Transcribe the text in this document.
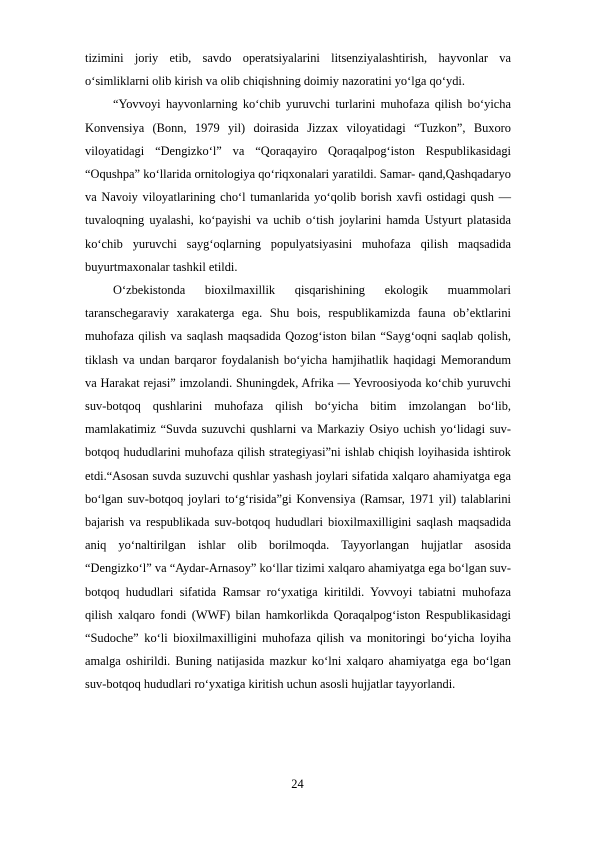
tizimini joriy etib, savdo operatsiyalarini litsenziyalashtirish, hayvonlar va o‘simliklarni olib kirish va olib chiqishning doimiy nazoratini yo‘lga qo‘ydi.

“Yovvoyi hayvonlarning ko‘chib yuruvchi turlarini muhofaza qilish bo‘yicha Konvensiya (Bonn, 1979 yil) doirasida Jizzax viloyatidagi “Tuzkon”, Buxoro viloyatidagi “Dengizko‘l” va “Qoraqayiro Qoraqalpog‘iston Respublikasidagi “Oqushpa” ko‘llarida ornitologiya qo‘riqxonalari yaratildi. Samar- qand,Qashqadaryo va Navoiy viloyatlarining cho‘l tumanlarida yo‘qolib borish xavfi ostidagi qush — tuvaloqning uyalashi, ko‘payishi va uchib o‘tish joylarini hamda Ustyurt platasida ko‘chib yuruvchi sayg‘oqlarning populyatsiyasini muhofaza qilish maqsadida buyurtmaxonalar tashkil etildi.

O‘zbekistonda bioxilmaxillik qisqarishining ekologik muammolari taranschegaraviy xarakaterga ega. Shu bois, respublikamizda fauna ob’ektlarini muhofaza qilish va saqlash maqsadida Qozog‘iston bilan “Sayg‘oqni saqlab qolish, tiklash va undan barqaror foydalanish bo‘yicha hamjihatlik haqidagi Memorandum va Harakat rejasi” imzolandi. Shuningdek, Afrika — Yevroosiyoda ko‘chib yuruvchi suv-botqoq qushlarini muhofaza qilish bo‘yicha bitim imzolangan bo‘lib, mamlakatimiz “Suvda suzuvchi qushlarni va Markaziy Osiyo uchish yo‘lidagi suv-botqoq hududlarini muhofaza qilish strategiyasi”ni ishlab chiqish loyihasida ishtirok etdi.“Asosan suvda suzuvchi qushlar yashash joylari sifatida xalqaro ahamiyatga ega bo‘lgan suv-botqoq joylari to‘g‘risida”gi Konvensiya (Ramsar, 1971 yil) talablarini bajarish va respublikada suv-botqoq hududlari bioxilmaxilligini saqlash maqsadida aniq yo‘naltirilgan ishlar olib borilmoqda. Tayyorlangan hujjatlar asosida “Dengizko‘l” va “Aydar-Arnasoy” ko‘llar tizimi xalqaro ahamiyatga ega bo‘lgan suv-botqoq hududlari sifatida Ramsar ro‘yxatiga kiritildi. Yovvoyi tabiatni muhofaza qilish xalqaro fondi (WWF) bilan hamkorlikda Qoraqalpog‘iston Respublikasidagi “Sudoche” ko‘li bioxilmaxilligini muhofaza qilish va monitoringi bo‘yicha loyiha amalga oshirildi. Buning natijasida mazkur ko‘lni xalqaro ahamiyatga ega bo‘lgan suv-botqoq hududlari ro‘yxatiga kiritish uchun asosli hujjatlar tayyorlandi.

24
